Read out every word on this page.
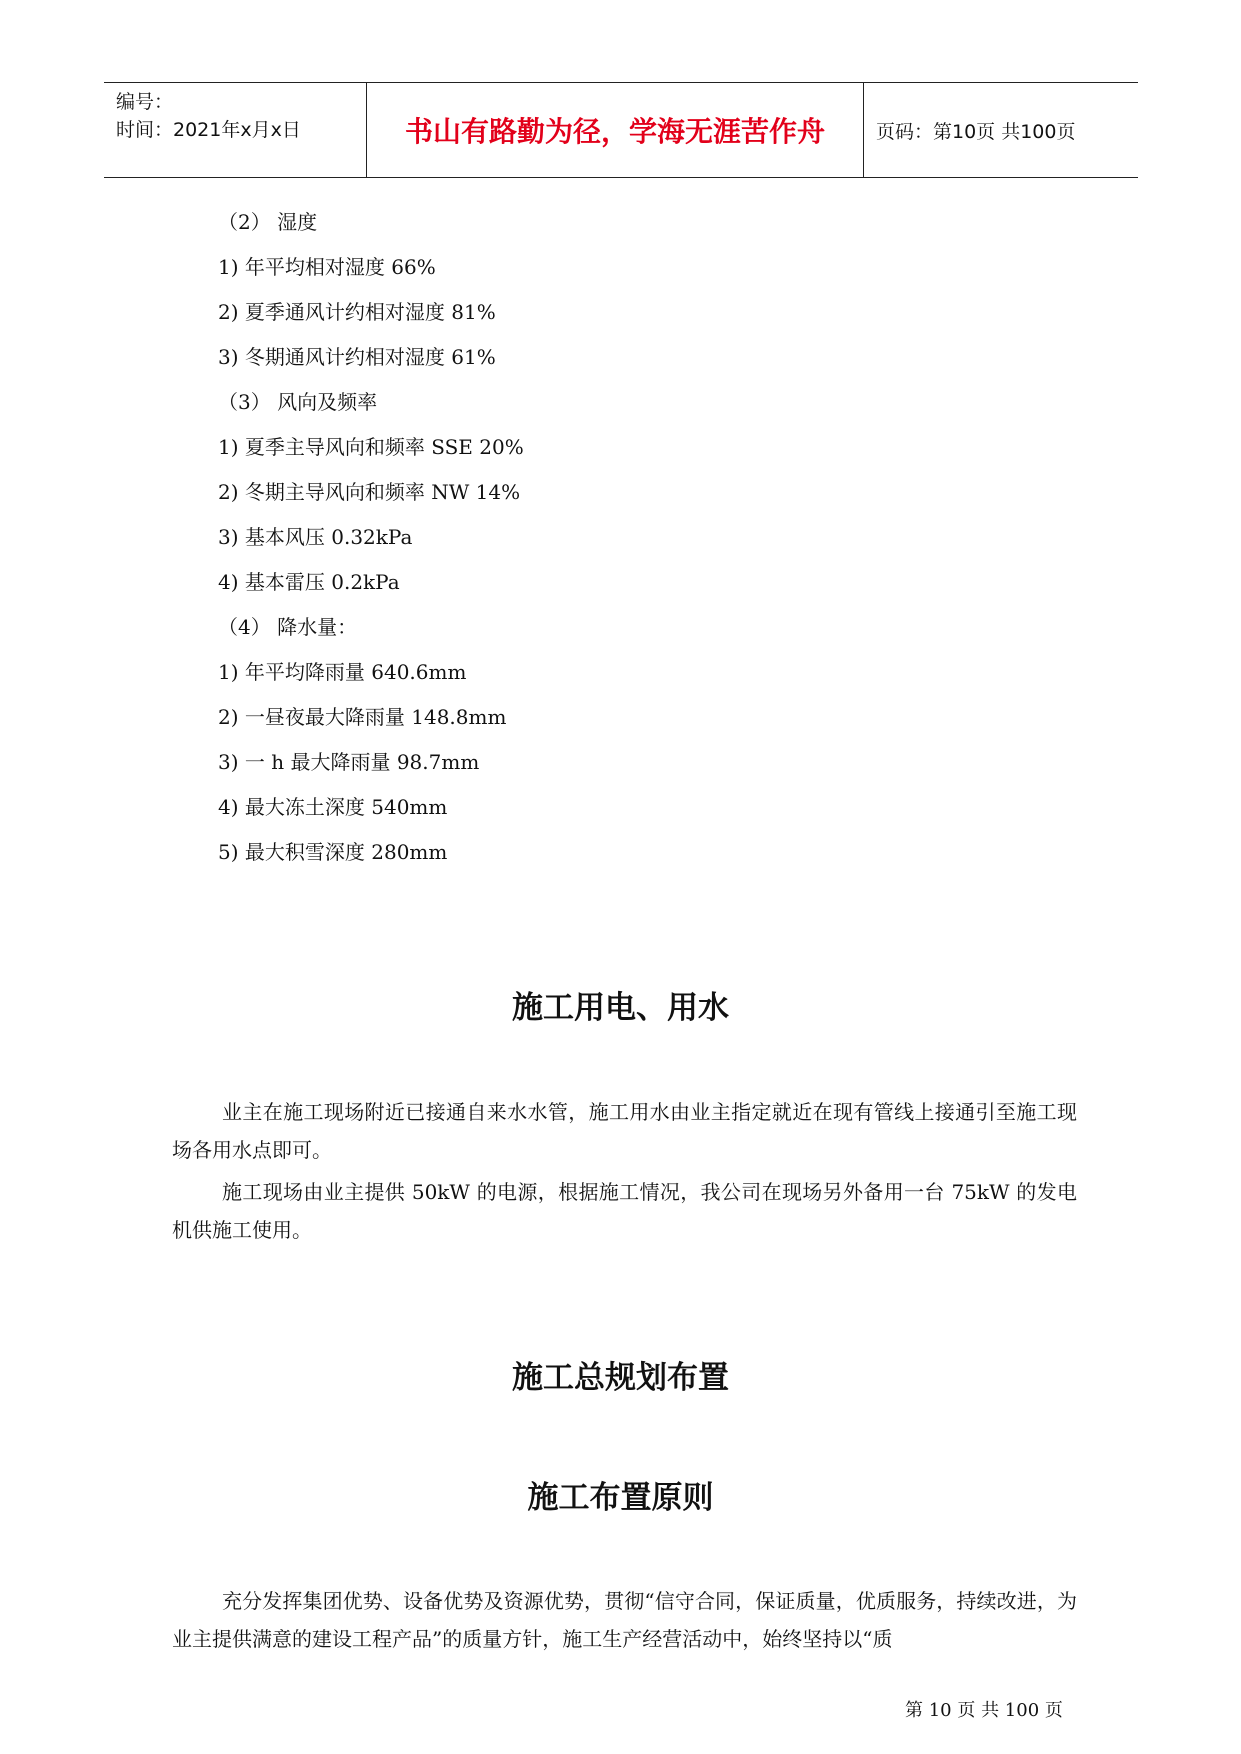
编号：
时间：2021年x月x日	书山有路勤为径，学海无涯苦作舟	页码：第10页 共100页
（2） 湿度
1) 年平均相对湿度 66%
2) 夏季通风计约相对湿度 81%
3) 冬期通风计约相对湿度 61%
（3） 风向及频率
1) 夏季主导风向和频率 SSE 20%
2) 冬期主导风向和频率 NW 14%
3) 基本风压 0.32kPa
4) 基本雷压 0.2kPa
（4） 降水量：
1) 年平均降雨量 640.6mm
2) 一昼夜最大降雨量 148.8mm
3) 一 h 最大降雨量 98.7mm
4) 最大冻土深度 540mm
5) 最大积雪深度 280mm
施工用电、用水
业主在施工现场附近已接通自来水水管，施工用水由业主指定就近在现有管线上接通引至施工现场各用水点即可。
施工现场由业主提供 50kW 的电源，根据施工情况，我公司在现场另外备用一台 75kW 的发电机供施工使用。
施工总规划布置
施工布置原则
充分发挥集团优势、设备优势及资源优势，贯彻“信守合同，保证质量，优质服务，持续改进，为业主提供满意的建设工程产品”的质量方针，施工生产经营活动中，始终坚持以“质
第 10 页 共 100 页
